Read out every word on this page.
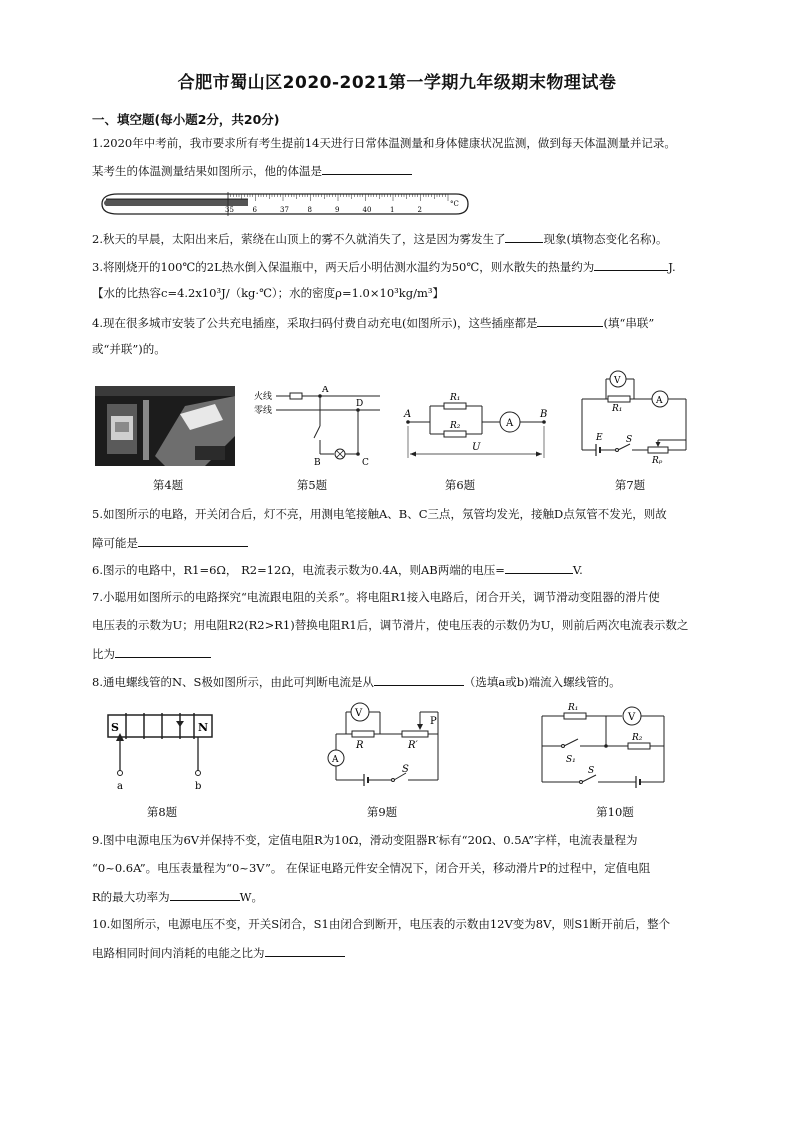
合肥市蜀山区2020-2021第一学期九年级期末物理试卷
一、填空题(每小题2分，共20分)
1.2020年中考前，我市要求所有考生提前14天进行日常体温测量和身体健康状况监测，做到每天体温测量并记录。
某考生的体温测量结果如图所示，他的体温是
35	6	37	8	9	40	1	2
°C
2.秋天的早晨，太阳出来后，萦绕在山顶上的雾不久就消失了，这是因为雾发生了	现象(填物态变化名称)。
3.将刚烧开的100℃的2L热水倒入保温瓶中，两天后小明估测水温约为50℃，则水散失的热量约为	J.
【水的比热容c=4.2x10³J/（kg·℃）；水的密度ρ=1.0×10³kg/m³】
4.现在很多城市安装了公共充电插座，采取扫码付费自动充电(如图所示)，这些插座都是	(填“串联”
或“并联”)的。
火线
零线
A
B	C
D
A	B
R₁
R₂	A
U
V
R₁
A
E	S
Rₚ
第4题	第5题	第6题	第7题
5.如图所示的电路，开关闭合后，灯不亮，用测电笔接触A、B、C三点，氖管均发光，接触D点氖管不发光，则故
障可能是
6.图示的电路中，R1=6Ω， R2=12Ω，电流表示数为0.4A，则AB两端的电压=	V.
7.小聪用如图所示的电路探究“电流跟电阻的关系”。将电阻R1接入电路后，闭合开关，调节滑动变阻器的滑片使
电压表的示数为U；用电阻R2(R2>R1)替换电阻R1后，调节滑片，使电压表的示数仍为U，则前后两次电流表示数之
比为
8.通电螺线管的N、S极如图所示，由此可判断电流是从	（选填a或b)端流入螺线管的。
S	N
a	b
V
R	R′
P
A
S
R₁
V
S₁
R₂
S
第8题	第9题	第10题
9.图中电源电压为6V并保持不变，定值电阻R为10Ω，滑动变阻器R′标有“20Ω、0.5A”字样，电流表量程为
“0~0.6A”。电压表量程为“0~3V”。 在保证电路元件安全情况下，闭合开关，移动滑片P的过程中，定值电阻
R的最大功率为	W。
10.如图所示，电源电压不变，开关S闭合，S1由闭合到断开，电压表的示数由12V变为8V，则S1断开前后，整个
电路相同时间内消耗的电能之比为
